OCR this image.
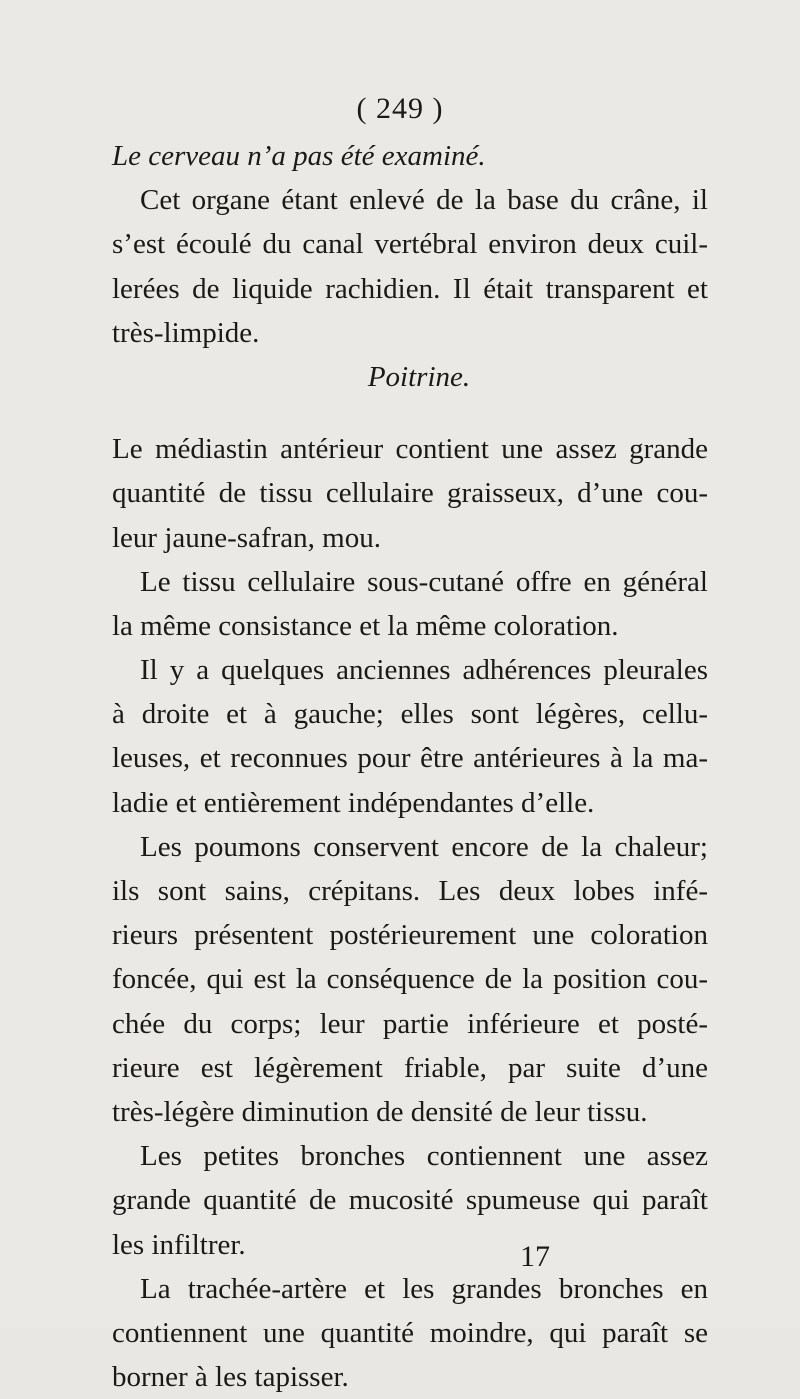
( 249 )
Le cerveau n’a pas été examiné.
Cet organe étant enlevé de la base du crâne, il
s’est écoulé du canal vertébral environ deux cuil-
lerées de liquide rachidien. Il était transparent et
très-limpide.
Poitrine.
Le médiastin antérieur contient une assez grande
quantité de tissu cellulaire graisseux, d’une cou-
leur jaune-safran, mou.
Le tissu cellulaire sous-cutané offre en général
la même consistance et la même coloration.
Il y a quelques anciennes adhérences pleurales
à droite et à gauche; elles sont légères, cellu-
leuses, et reconnues pour être antérieures à la ma-
ladie et entièrement indépendantes d’elle.
Les poumons conservent encore de la chaleur;
ils sont sains, crépitans. Les deux lobes infé-
rieurs présentent postérieurement une coloration
foncée, qui est la conséquence de la position cou-
chée du corps; leur partie inférieure et posté-
rieure est légèrement friable, par suite d’une
très-légère diminution de densité de leur tissu.
Les petites bronches contiennent une assez
grande quantité de mucosité spumeuse qui paraît
les infiltrer.
La trachée-artère et les grandes bronches en
contiennent une quantité moindre, qui paraît se
borner à les tapisser.
17
